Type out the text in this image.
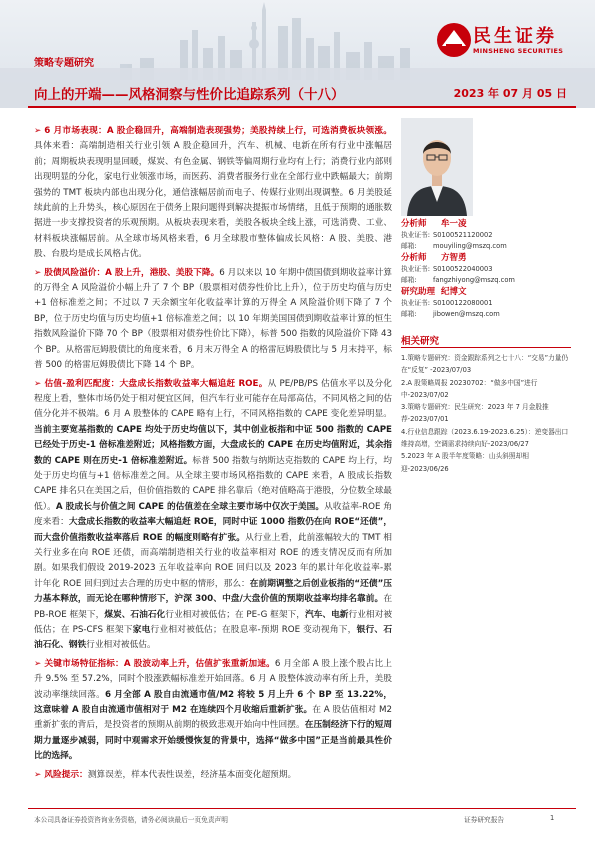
民生证券
MINSHENG SECURITIES
策略专题研究
向上的开端——风格洞察与性价比追踪系列（十八）	2023 年 07 月 05 日

➢ 6 月市场表现：A 股企稳回升，高端制造表现强势；美股持续上行，可选消费板块领涨。具体来看：高端制造相关行业引领 A 股企稳回升，汽车、机械、电新在所有行业中涨幅居前；周期板块表现明显回暖，煤炭、有色金属、钢铁等偏周期行业均有上行；消费行业内部则出现明显的分化，家电行业领涨市场，而医药、消费者服务行业在全部行业中跌幅最大；前期强势的 TMT 板块内部也出现分化，通信涨幅居前而电子、传媒行业则出现调整。6 月美股延续此前的上升势头，核心原因在于债务上限问题得到解决提振市场情绪，且低于预期的通胀数据进一步支撑投资者的乐观预期。从板块表现来看，美股各板块全线上涨，可选消费、工业、材料板块涨幅居前。从全球市场风格来看，6 月全球股市整体偏成长风格：A 股、美股、港股、台股均是成长风格占优。

➢ 股债风险溢价：A 股上升，港股、美股下降。6 月以来以 10 年期中债国债到期收益率计算的万得全 A 风险溢价小幅上升了 7 个 BP（股票相对债券性价比上升），位于历史均值与历史+1 倍标准差之间；不过以 7 天余额宝年化收益率计算的万得全 A 风险溢价则下降了 7 个 BP，位于历史均值与历史均值+1 倍标准差之间；以 10 年期美国国债到期收益率计算的恒生指数风险溢价下降 70 个 BP（股票相对债券性价比下降），标普 500 指数的风险溢价下降 43 个 BP。从格雷厄姆股债比的角度来看，6 月末万得全 A 的格雷厄姆股债比与 5 月末持平，标普 500 的格雷厄姆股债比下降 14 个 BP。

➢ 估值-盈利匹配度：大盘成长指数收益率大幅追赶 ROE。从 PE/PB/PS 估值水平以及分化程度上看，整体市场仍处于相对便宜区间，但汽车行业可能存在局部高估，不同风格之间的估值分化并不极端。6 月 A 股整体的 CAPE 略有上行，不同风格指数的 CAPE 变化差异明显。当前主要宽基指数的 CAPE 均处于历史均值以下，其中创业板指和中证 500 指数的 CAPE 已经处于历史-1 倍标准差附近；风格指数方面，大盘成长的 CAPE 在历史均值附近，其余指数的 CAPE 则在历史-1 倍标准差附近。标普 500 指数与纳斯达克指数的 CAPE 均上行，均处于历史均值与+1 倍标准差之间。从全球主要市场风格指数的 CAPE 来看，A 股成长指数 CAPE 排名只在美国之后，但价值指数的 CAPE 排名靠后（绝对值略高于港股，分位数全球最低）。A 股成长与价值之间 CAPE 的估值差在全球主要市场中仅次于美国。从收益率-ROE 角度来看：大盘成长指数的收益率大幅追赶 ROE，同时中证 1000 指数仍在向 ROE“还债”，而大盘价值指数收益率落后 ROE 的幅度则略有扩张。从行业上看，此前涨幅较大的 TMT 相关行业多在向 ROE 还债，而高端制造相关行业的收益率相对 ROE 的透支情况反而有所加剧。如果我们假设 2019-2023 五年收益率向 ROE 回归以及 2023 年的累计年化收益率-累计年化 ROE 回归到过去合理的历史中枢的情形，那么：在前期调整之后创业板指的“还债”压力基本释放，而无论在哪种情形下，沪深 300、中盘/大盘价值的预期收益率均排名靠前。在 PB-ROE 框架下，煤炭、石油石化行业相对被低估；在 PE-G 框架下，汽车、电新行业相对被低估；在 PS-CFS 框架下家电行业相对被低估；在股息率-预期 ROE 变动视角下，银行、石油石化、钢铁行业相对被低估。

➢ 关键市场特征指标：A 股波动率上升，估值扩张重新加速。6 月全部 A 股上涨个股占比上升 9.5% 至 57.2%，同时个股涨跌幅标准差开始回落。6 月 A 股整体波动率有所上升，美股波动率继续回落。6 月全部 A 股自由流通市值/M2 将较 5 月上升 6 个 BP 至 13.22%，这意味着 A 股自由流通市值相对于 M2 在连续四个月收缩后重新扩张。在 A 股估值相对 M2 重新扩张的背后，是投资者的预期从前期的极致悲观开始向中性回摆。在压制经济下行的短周期力量逐步减弱，同时中观需求开始缓慢恢复的背景中，选择“做多中国”正是当前最具性价比的选择。

➢ 风险提示：测算误差，样本代表性误差，经济基本面变化超预期。

分析师 牟一凌
执业证书: S0100521120002
邮箱: mouyiling@mszq.com
分析师 方智勇
执业证书: S0100522040003
邮箱: fangzhiyong@mszq.com
研究助理 纪博文
执业证书: S0100122080001
邮箱: jibowen@mszq.com
相关研究
1.策略专题研究：资金跟踪系列之七十八：“交易”力量仍在“反复” -2023/07/03
2.A 股策略周报 20230702：“做多中国”进行中-2023/07/02
3.策略专题研究：民生研究：2023 年 7 月金股推荐-2023/07/01
4.行业信息跟踪（2023.6.19-2023.6.25）：逆变器出口维持高增，空调需求持续向好-2023/06/27
5.2023 年 A 股半年度策略：山头斜照却相迎-2023/06/26
本公司具备证券投资咨询业务资格，请务必阅读最后一页免责声明	证券研究报告	1
